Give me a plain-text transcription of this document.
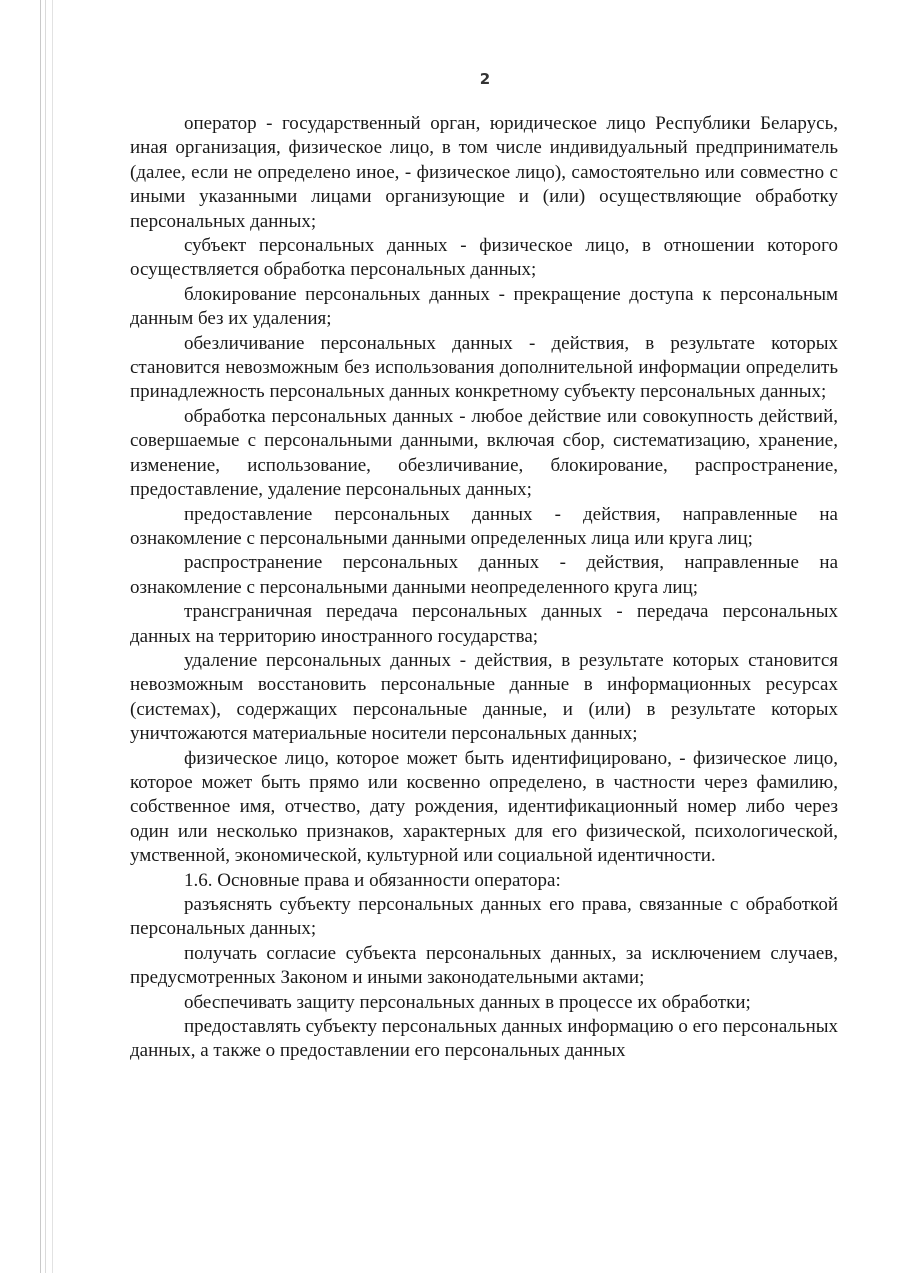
2

оператор - государственный орган, юридическое лицо Республики Беларусь, иная организация, физическое лицо, в том числе индивидуальный предприниматель (далее, если не определено иное, - физическое лицо), самостоятельно или совместно с иными указанными лицами организующие и (или) осуществляющие обработку персональных данных;

субъект персональных данных - физическое лицо, в отношении которого осуществляется обработка персональных данных;

блокирование персональных данных - прекращение доступа к персональным данным без их удаления;

обезличивание персональных данных - действия, в результате которых становится невозможным без использования дополнительной информации определить принадлежность персональных данных конкретному субъекту персональных данных;

обработка персональных данных - любое действие или совокупность действий, совершаемые с персональными данными, включая сбор, систематизацию, хранение, изменение, использование, обезличивание, блокирование, распространение, предоставление, удаление персональных данных;

предоставление персональных данных - действия, направленные на ознакомление с персональными данными определенных лица или круга лиц;

распространение персональных данных - действия, направленные на ознакомление с персональными данными неопределенного круга лиц;

трансграничная передача персональных данных - передача персональных данных на территорию иностранного государства;

удаление персональных данных - действия, в результате которых становится невозможным восстановить персональные данные в информационных ресурсах (системах), содержащих персональные данные, и (или) в результате которых уничтожаются материальные носители персональных данных;

физическое лицо, которое может быть идентифицировано, - физическое лицо, которое может быть прямо или косвенно определено, в частности через фамилию, собственное имя, отчество, дату рождения, идентификационный номер либо через один или несколько признаков, характерных для его физической, психологической, умственной, экономической, культурной или социальной идентичности.

1.6. Основные права и обязанности оператора:

разъяснять субъекту персональных данных его права, связанные с обработкой персональных данных;

получать согласие субъекта персональных данных, за исключением случаев, предусмотренных Законом и иными законодательными актами;

обеспечивать защиту персональных данных в процессе их обработки;

предоставлять субъекту персональных данных информацию о его персональных данных, а также о предоставлении его персональных данных
